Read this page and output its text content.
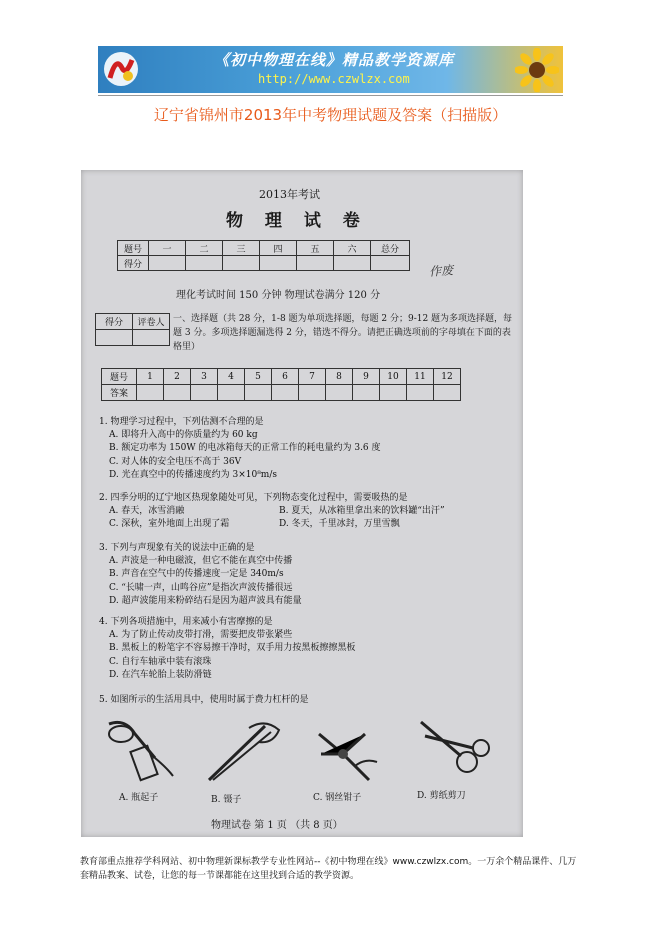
《初中物理在线》精品教学资源库
http://www.czwlzx.com
辽宁省锦州市2013年中考物理试题及答案（扫描版）
2013年考试
物 理 试 卷
题号	一	二	三	四	五	六	总分
得分								作废
理化考试时间 150 分钟 物理试卷满分 120 分
得分	评卷人
	一、选择题（共 28 分，1-8 题为单项选择题，每题 2 分；9-12 题为多项选择题，每题 3 分。多项选择题漏选得 2 分，错选不得分。请把正确选项前的字母填在下面的表格里）
题号	1	2	3	4	5	6	7	8	9	10	11	12
答案												
1. 物理学习过程中，下列估测不合理的是
A. 即将升入高中的你质量约为 60 kg
B. 额定功率为 150W 的电冰箱每天的正常工作的耗电量约为 3.6 度
C. 对人体的安全电压不高于 36V
D. 光在真空中的传播速度约为 3×10⁸m/s
2. 四季分明的辽宁地区热现象随处可见，下列物态变化过程中，需要吸热的是
A. 春天，冰雪消融	B. 夏天，从冰箱里拿出来的饮料罐“出汗”
C. 深秋，室外地面上出现了霜	D. 冬天，千里冰封，万里雪飘
3. 下列与声现象有关的说法中正确的是
A. 声波是一种电磁波，但它不能在真空中传播
B. 声音在空气中的传播速度一定是 340m/s
C. “长啸一声，山鸣谷应”是指次声波传播很远
D. 超声波能用来粉碎结石是因为超声波具有能量
4. 下列各项措施中，用来减小有害摩擦的是
A. 为了防止传动皮带打滑，需要把皮带张紧些
B. 黑板上的粉笔字不容易擦干净时，双手用力按黑板擦擦黑板
C. 自行车轴承中装有滚珠
D. 在汽车轮胎上装防滑链
5. 如图所示的生活用具中，使用时属于费力杠杆的是
A. 瓶起子	B. 镊子	C. 钢丝钳子	D. 剪纸剪刀
物理试卷 第 1 页 （共 8 页）
教育部重点推荐学科网站、初中物理新课标教学专业性网站--《初中物理在线》www.czwlzx.com。一万余个精品课件、几万套精品教案、试卷，让您的每一节课都能在这里找到合适的教学资源。
